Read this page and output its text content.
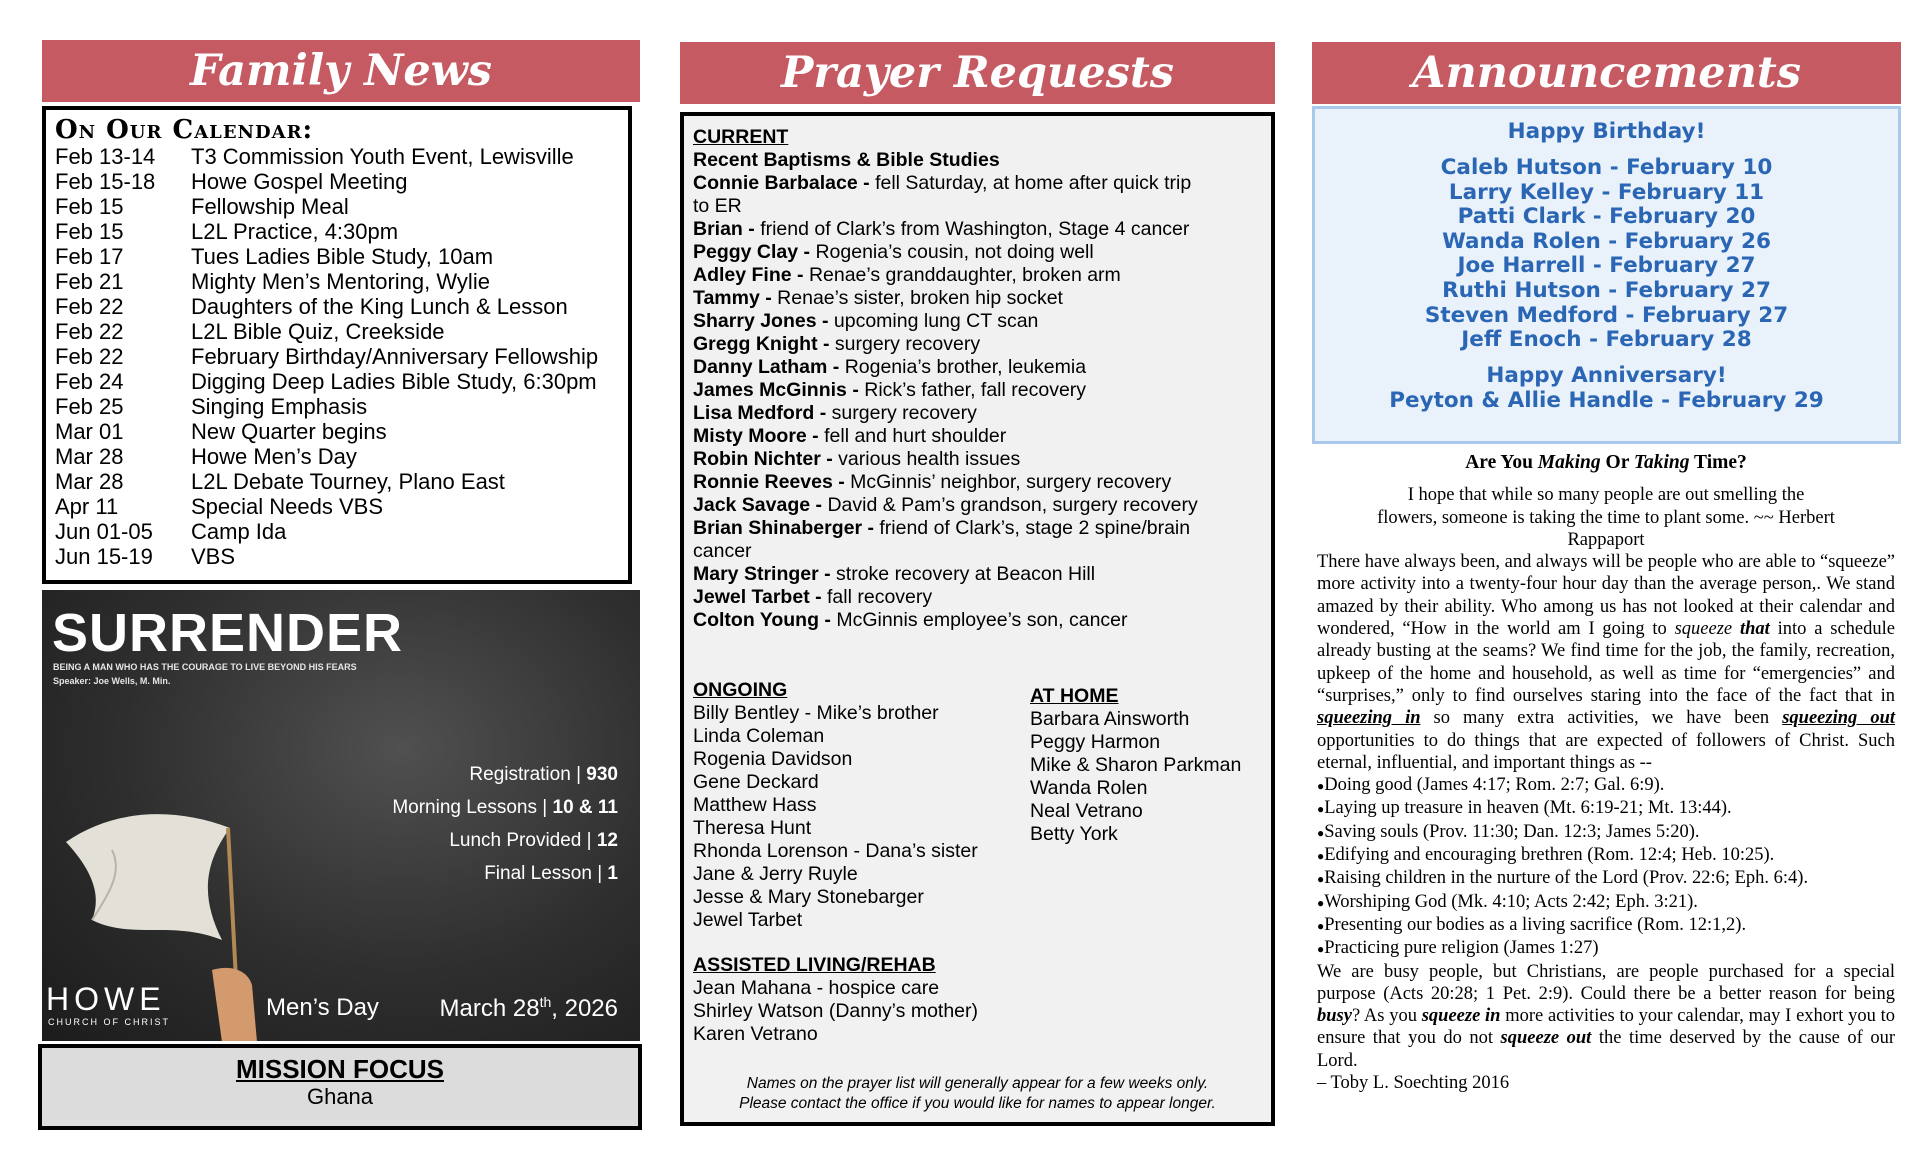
Family News	Prayer Requests	Announcements
On Our Calendar:
Feb 13-14	T3 Commission Youth Event, Lewisville
Feb 15-18	Howe Gospel Meeting
Feb 15	Fellowship Meal
Feb 15	L2L Practice, 4:30pm
Feb 17	Tues Ladies Bible Study, 10am
Feb 21	Mighty Men’s Mentoring, Wylie
Feb 22	Daughters of the King Lunch & Lesson
Feb 22	L2L Bible Quiz, Creekside
Feb 22	February Birthday/Anniversary Fellowship
Feb 24	Digging Deep Ladies Bible Study, 6:30pm
Feb 25	Singing Emphasis
Mar 01	New Quarter begins
Mar 28	Howe Men’s Day
Mar 28	L2L Debate Tourney, Plano East
Apr 11	Special Needs VBS
Jun 01-05	Camp Ida
Jun 15-19	VBS
SURRENDER
BEING A MAN WHO HAS THE COURAGE TO LIVE BEYOND HIS FEARS
Speaker: Joe Wells, M. Min.
Registration | 930
Morning Lessons | 10 & 11
Lunch Provided | 12
Final Lesson | 1
HOWE
CHURCH OF CHRIST
Men’s Day	March 28th, 2026
MISSION FOCUS
Ghana
CURRENT
Recent Baptisms & Bible Studies
Connie Barbalace - fell Saturday, at home after quick trip
to ER
Brian - friend of Clark’s from Washington, Stage 4 cancer
Peggy Clay - Rogenia’s cousin, not doing well
Adley Fine - Renae’s granddaughter, broken arm
Tammy - Renae’s sister, broken hip socket
Sharry Jones - upcoming lung CT scan
Gregg Knight - surgery recovery
Danny Latham - Rogenia’s brother, leukemia
James McGinnis - Rick’s father, fall recovery
Lisa Medford - surgery recovery
Misty Moore - fell and hurt shoulder
Robin Nichter - various health issues
Ronnie Reeves - McGinnis’ neighbor, surgery recovery
Jack Savage - David & Pam’s grandson, surgery recovery
Brian Shinaberger - friend of Clark’s, stage 2 spine/brain
cancer
Mary Stringer - stroke recovery at Beacon Hill
Jewel Tarbet - fall recovery
Colton Young - McGinnis employee’s son, cancer
ONGOING
Billy Bentley - Mike’s brother
Linda Coleman
Rogenia Davidson
Gene Deckard
Matthew Hass
Theresa Hunt
Rhonda Lorenson - Dana’s sister
Jane & Jerry Ruyle
Jesse & Mary Stonebarger
Jewel Tarbet
AT HOME
Barbara Ainsworth
Peggy Harmon
Mike & Sharon Parkman
Wanda Rolen
Neal Vetrano
Betty York
ASSISTED LIVING/REHAB
Jean Mahana - hospice care
Shirley Watson (Danny’s mother)
Karen Vetrano
Names on the prayer list will generally appear for a few weeks only.
Please contact the office if you would like for names to appear longer.
Happy Birthday!
Caleb Hutson - February 10
Larry Kelley - February 11
Patti Clark - February 20
Wanda Rolen - February 26
Joe Harrell - February 27
Ruthi Hutson - February 27
Steven Medford - February 27
Jeff Enoch - February 28
Happy Anniversary!
Peyton & Allie Handle - February 29
Are You Making Or Taking Time?
I hope that while so many people are out smelling the flowers, someone is taking the time to plant some. ~~ Herbert Rappaport
There have always been, and always will be people who are able to “squeeze” more activity into a twenty-four hour day than the average person,. We stand amazed by their ability. Who among us has not looked at their calendar and wondered, “How in the world am I going to squeeze that into a schedule already busting at the seams? We find time for the job, the family, recreation, upkeep of the home and household, as well as time for “emergencies” and “surprises,” only to find ourselves staring into the face of the fact that in squeezing in so many extra activities, we have been squeezing out opportunities to do things that are expected of followers of Christ. Such eternal, influential, and important things as --
●Doing good (James 4:17; Rom. 2:7; Gal. 6:9).
●Laying up treasure in heaven (Mt. 6:19-21; Mt. 13:44).
●Saving souls (Prov. 11:30; Dan. 12:3; James 5:20).
●Edifying and encouraging brethren (Rom. 12:4; Heb. 10:25).
●Raising children in the nurture of the Lord (Prov. 22:6; Eph. 6:4).
●Worshiping God (Mk. 4:10; Acts 2:42; Eph. 3:21).
●Presenting our bodies as a living sacrifice (Rom. 12:1,2).
●Practicing pure religion (James 1:27)
We are busy people, but Christians, are people purchased for a special purpose (Acts 20:28; 1 Pet. 2:9). Could there be a better reason for being busy? As you squeeze in more activities to your calendar, may I exhort you to ensure that you do not squeeze out the time deserved by the cause of our Lord.
– Toby L. Soechting 2016
